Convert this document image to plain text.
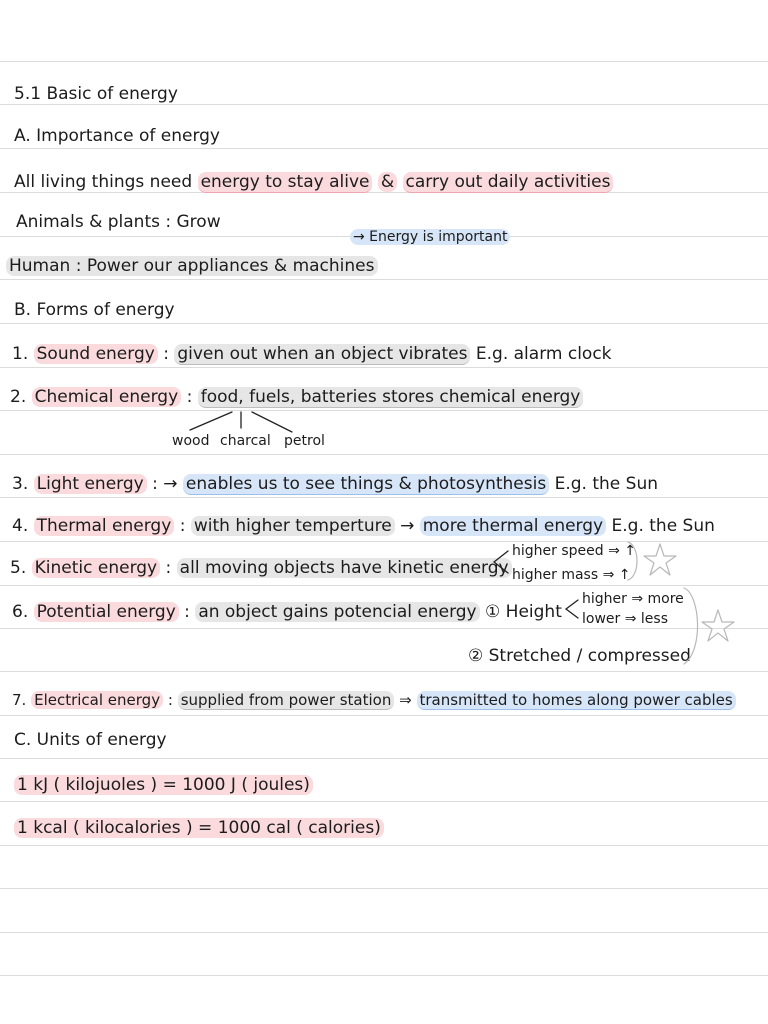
5.1 Basic of energy
A. Importance of energy
All living things need energy to stay alive & carry out daily activities
Animals & plants : Grow
→ Energy is important
Human : Power our appliances & machines
B. Forms of energy
1. Sound energy : given out when an object vibrates E.g. alarm clock
2. Chemical energy : food, fuels, batteries stores chemical energy
wood charcal petrol
3. Light energy : → enables us to see things & photosynthesis E.g. the Sun
4. Thermal energy : with higher temperture → more thermal energy E.g. the Sun
5. Kinetic energy : all moving objects have kinetic energy
higher speed ⇒ ↑
higher mass ⇒ ↑
6. Potential energy : an object gains potencial energy ① Height
higher ⇒ more
lower ⇒ less
② Stretched / compressed
7. Electrical energy : supplied from power station ⇒ transmitted to homes along power cables
C. Units of energy
1 kJ ( kilojuoles ) = 1000 J ( joules)
1 kcal ( kilocalories ) = 1000 cal ( calories)
